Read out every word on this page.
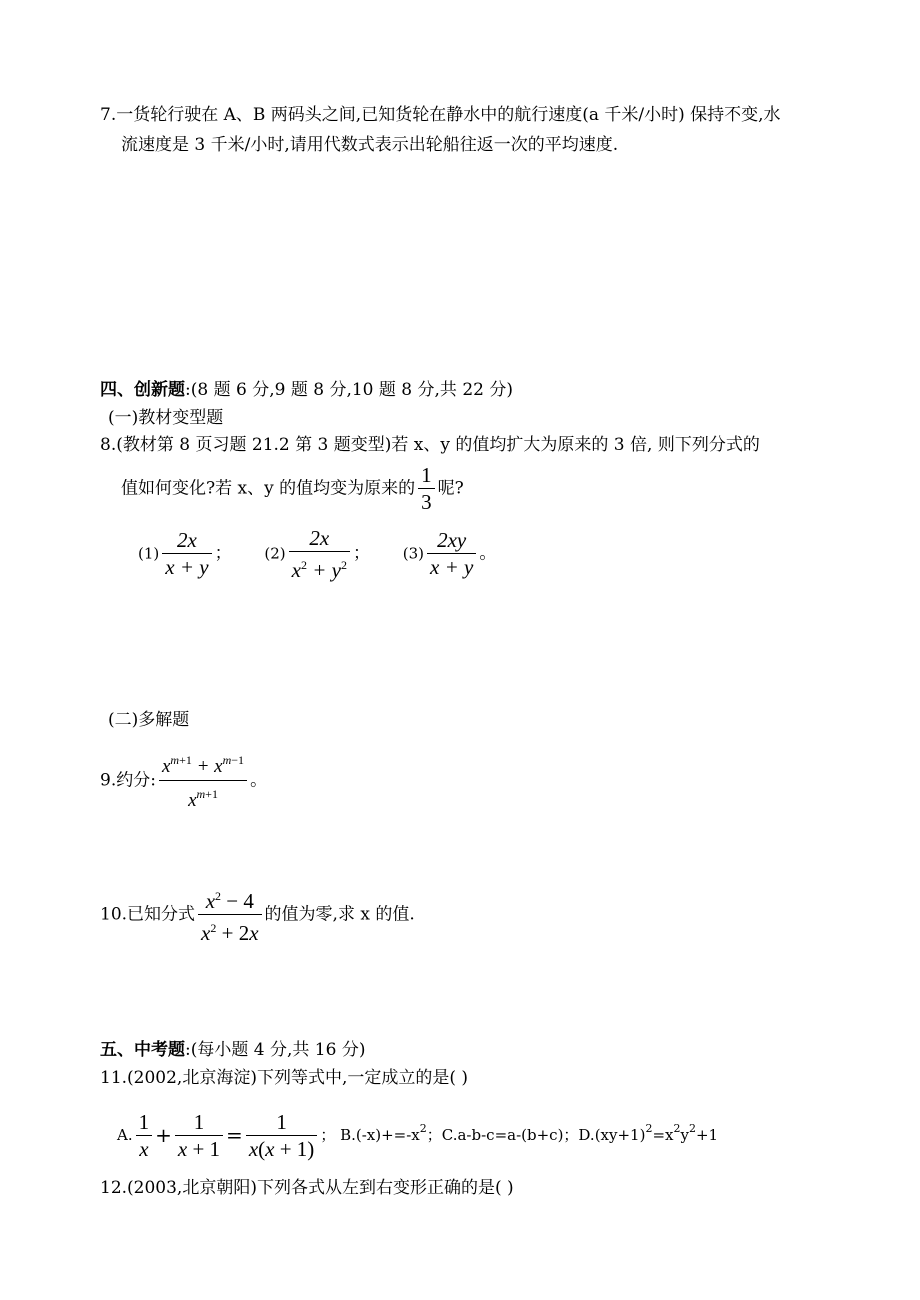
7.一货轮行驶在 A、B 两码头之间,已知货轮在静水中的航行速度(a 千米/小时) 保持不变,水
流速度是 3 千米/小时,请用代数式表示出轮船往返一次的平均速度.
四、创新题:(8 题 6 分,9 题 8 分,10 题 8 分,共 22 分)
(一)教材变型题
8.(教材第 8 页习题 21.2 第 3 题变型)若 x、y 的值均扩大为原来的 3 倍, 则下列分式的
值如何变化?若 x、y 的值均变为原来的 $\frac{1}{3}$ 呢?
$(1) \frac{2x}{x + y}$ ； $(2) \frac{2x}{x^2 + y^2}$ ； $(3) \frac{2xy}{x + y}$ 。
(二)多解题
9.约分: $\frac{x^{m+1} + x^{m-1}}{x^{m+1}}$ 。
10.已知分式 $\frac{x^2 - 4}{x^2 + 2x}$ 的值为零,求 x 的值.
五、中考题:(每小题 4 分,共 16 分)
11.(2002,北京海淀)下列等式中,一定成立的是( )
A. $\frac{1}{x} + \frac{1}{x + 1} = \frac{1}{x(x + 1)}$ ； $B.(-x)+=-x^2$；C.a-b-c=a-(b+c)；$D.(xy+1)^2=x^2y^2+1$
12.(2003,北京朝阳)下列各式从左到右变形正确的是( )
